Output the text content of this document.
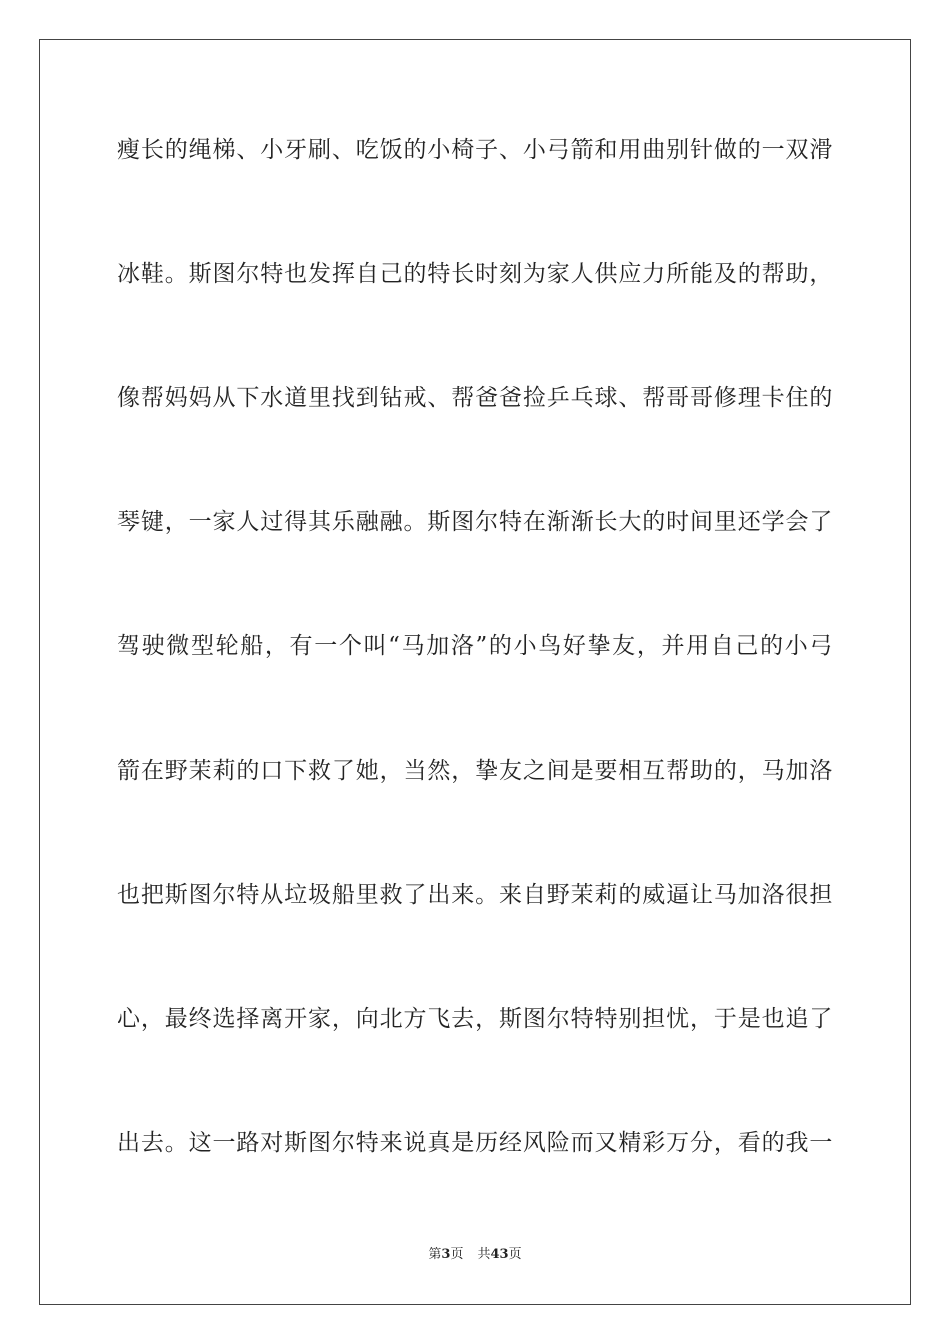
瘦长的绳梯、小牙刷、吃饭的小椅子、小弓箭和用曲别针做的一双滑
冰鞋。斯图尔特也发挥自己的特长时刻为家人供应力所能及的帮助，
像帮妈妈从下水道里找到钻戒、帮爸爸捡乒乓球、帮哥哥修理卡住的
琴键，一家人过得其乐融融。斯图尔特在渐渐长大的时间里还学会了
驾驶微型轮船，有一个叫“马加洛”的小鸟好挚友，并用自己的小弓
箭在野茉莉的口下救了她，当然，挚友之间是要相互帮助的，马加洛
也把斯图尔特从垃圾船里救了出来。来自野茉莉的威逼让马加洛很担
心，最终选择离开家，向北方飞去，斯图尔特特别担忧，于是也追了
出去。这一路对斯图尔特来说真是历经风险而又精彩万分，看的我一
第3页 共43页
